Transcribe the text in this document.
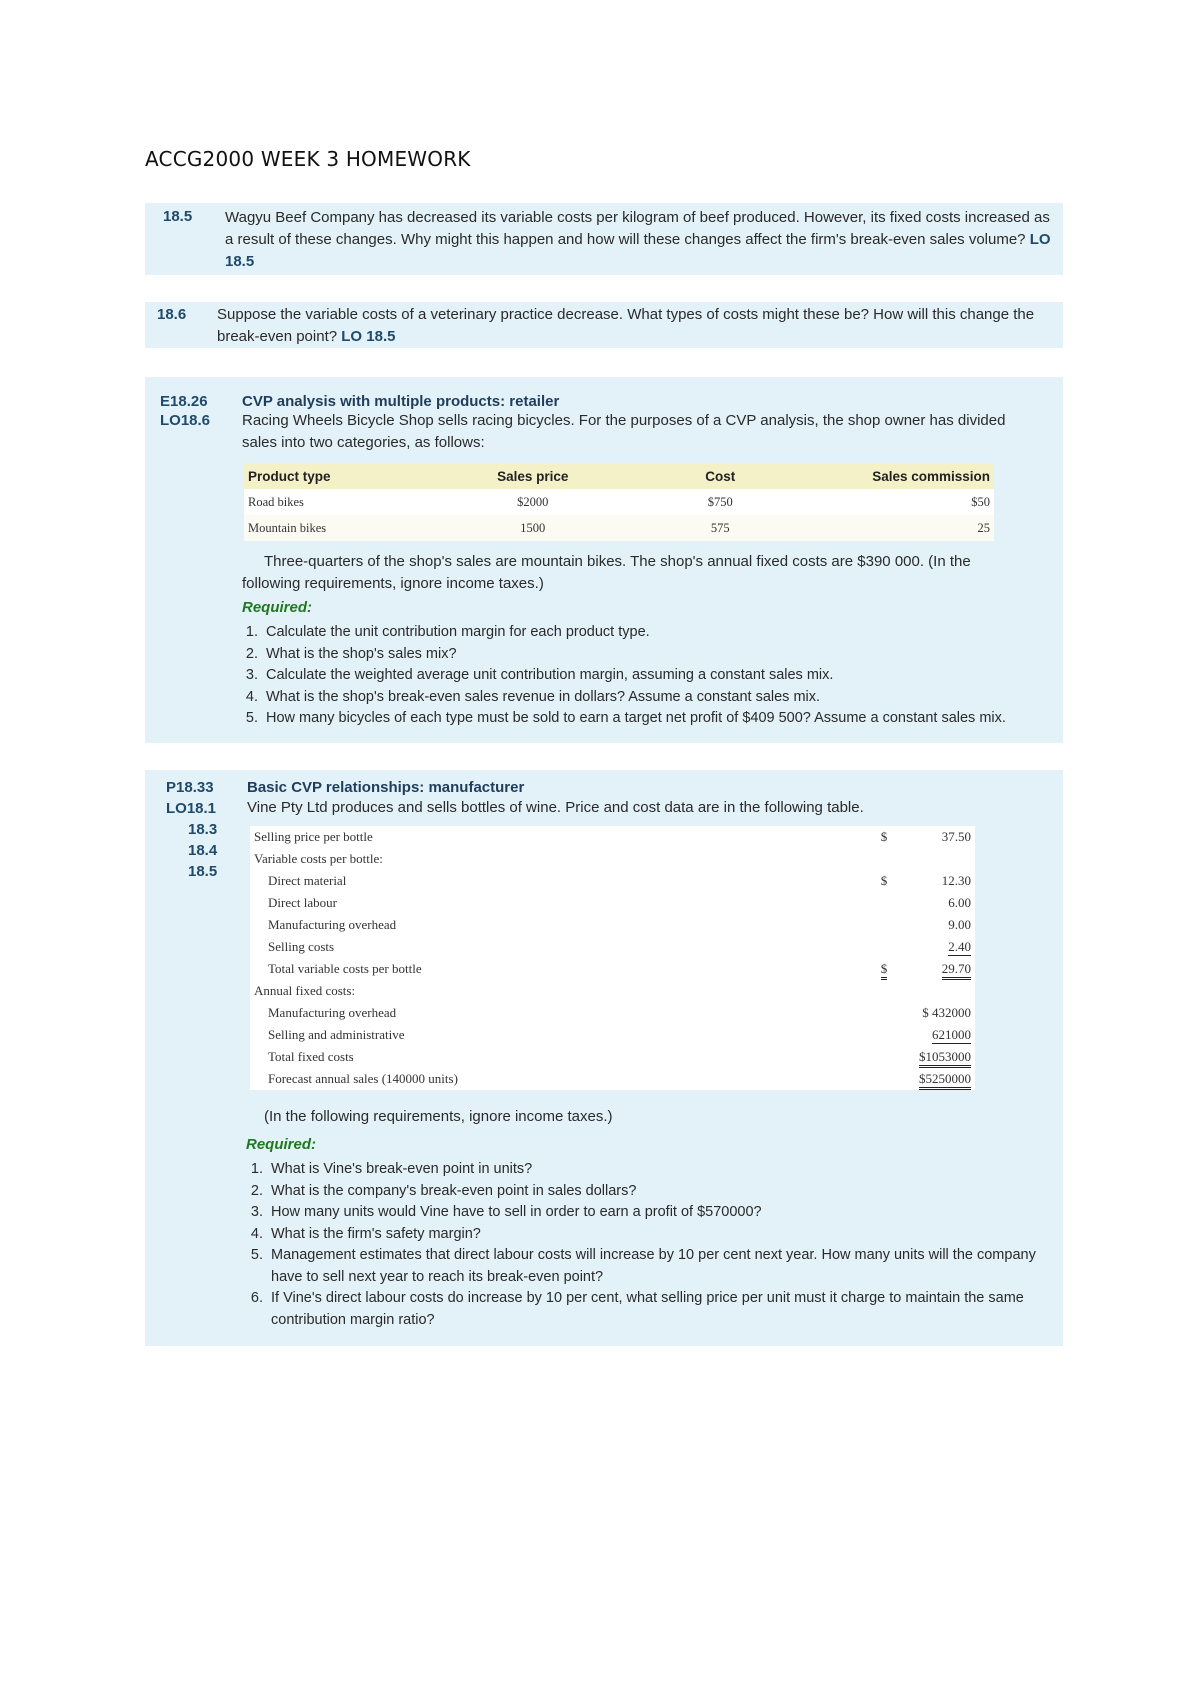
ACCG2000 WEEK 3 HOMEWORK
18.5 Wagyu Beef Company has decreased its variable costs per kilogram of beef produced. However, its fixed costs increased as a result of these changes. Why might this happen and how will these changes affect the firm's break-even sales volume? LO 18.5
18.6 Suppose the variable costs of a veterinary practice decrease. What types of costs might these be? How will this change the break-even point? LO 18.5
E18.26
LO18.6
CVP analysis with multiple products: retailer
Racing Wheels Bicycle Shop sells racing bicycles. For the purposes of a CVP analysis, the shop owner has divided sales into two categories, as follows:
Product type	Sales price	Cost	Sales commission
Road bikes	$2000	$750	$50
Mountain bikes	1500	575	25
Three-quarters of the shop's sales are mountain bikes. The shop's annual fixed costs are $390 000. (In the following requirements, ignore income taxes.)
Required:
1. Calculate the unit contribution margin for each product type.
2. What is the shop's sales mix?
3. Calculate the weighted average unit contribution margin, assuming a constant sales mix.
4. What is the shop's break-even sales revenue in dollars? Assume a constant sales mix.
5. How many bicycles of each type must be sold to earn a target net profit of $409 500? Assume a constant sales mix.
P18.33
LO18.1
18.3
18.4
18.5
Basic CVP relationships: manufacturer
Vine Pty Ltd produces and sells bottles of wine. Price and cost data are in the following table.
Selling price per bottle	$	37.50
Variable costs per bottle:		
Direct material	$	12.30
Direct labour		6.00
Manufacturing overhead		9.00
Selling costs		2.40
Total variable costs per bottle	$	29.70
Annual fixed costs:		
Manufacturing overhead		$ 432000
Selling and administrative		621000
Total fixed costs		$1053000
Forecast annual sales (140000 units)		$5250000
(In the following requirements, ignore income taxes.)
Required:
1. What is Vine's break-even point in units?
2. What is the company's break-even point in sales dollars?
3. How many units would Vine have to sell in order to earn a profit of $570000?
4. What is the firm's safety margin?
5. Management estimates that direct labour costs will increase by 10 per cent next year. How many units will the company have to sell next year to reach its break-even point?
6. If Vine's direct labour costs do increase by 10 per cent, what selling price per unit must it charge to maintain the same contribution margin ratio?
